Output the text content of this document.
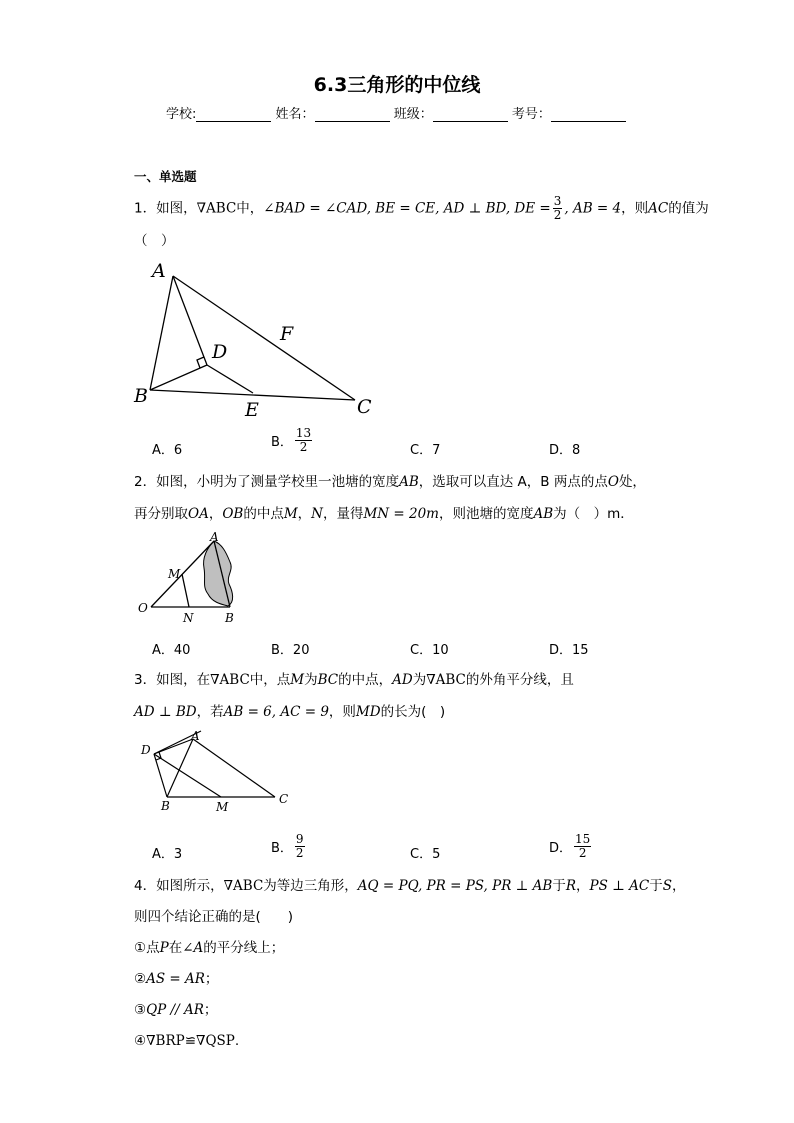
6.3三角形的中位线
学校:	姓名：	班级：	考号：
一、单选题
1．如图，∇ABC中，∠BAD = ∠CAD, BE = CE, AD ⊥ BD, DE = $\frac{3}{2}$ , AB = 4，则AC的值为
（　）
A
B	C
D
E
F
A．6
B． $\frac{13}{2}$	C．7	D．8
2．如图，小明为了测量学校里一池塘的宽度AB，选取可以直达 A，B 两点的点O处，
再分别取OA，OB的中点M，N，量得MN = 20m，则池塘的宽度AB为（　）m．
A
M
O
N	B
A．40	B．20	C．10	D．15
3．如图，在∇ABC中，点M为BC的中点，AD为∇ABC的外角平分线，且
AD ⊥ BD，若AB = 6, AC = 9，则MD的长为(　)
D
A
B	M
C
A．3	B． $\frac{9}{2}$	C．5	D． $\frac{15}{2}$
4．如图所示，∇ABC为等边三角形，AQ = PQ, PR = PS, PR ⊥ AB于R，PS ⊥ AC于S，
则四个结论正确的是(　　)
①点P在∠A的平分线上；
②AS = AR；
③QP // AR；
④∇BRP≌∇QSP.
